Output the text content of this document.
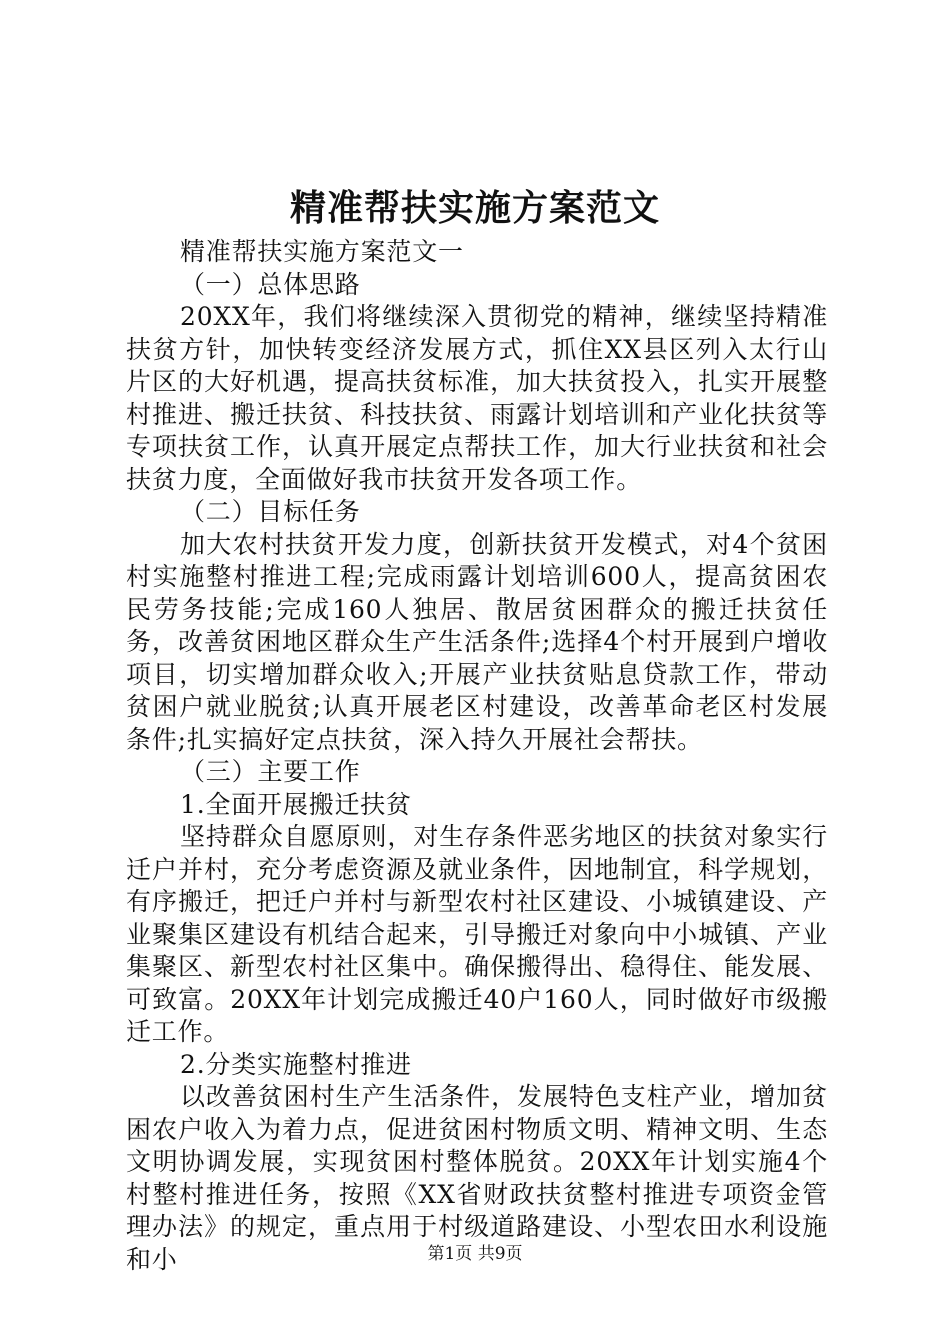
精准帮扶实施方案范文

精准帮扶实施方案范文一

（一）总体思路

20XX年，我们将继续深入贯彻党的精神，继续坚持精准扶贫方针，加快转变经济发展方式，抓住XX县区列入太行山片区的大好机遇，提高扶贫标准，加大扶贫投入，扎实开展整村推进、搬迁扶贫、科技扶贫、雨露计划培训和产业化扶贫等专项扶贫工作，认真开展定点帮扶工作，加大行业扶贫和社会扶贫力度，全面做好我市扶贫开发各项工作。

（二）目标任务

加大农村扶贫开发力度，创新扶贫开发模式，对4个贫困村实施整村推进工程;完成雨露计划培训600人，提高贫困农民劳务技能;完成160人独居、散居贫困群众的搬迁扶贫任务，改善贫困地区群众生产生活条件;选择4个村开展到户增收项目，切实增加群众收入;开展产业扶贫贴息贷款工作，带动贫困户就业脱贫;认真开展老区村建设，改善革命老区村发展条件;扎实搞好定点扶贫，深入持久开展社会帮扶。

（三）主要工作

1.全面开展搬迁扶贫

坚持群众自愿原则，对生存条件恶劣地区的扶贫对象实行迁户并村，充分考虑资源及就业条件，因地制宜，科学规划，有序搬迁，把迁户并村与新型农村社区建设、小城镇建设、产业聚集区建设有机结合起来，引导搬迁对象向中小城镇、产业集聚区、新型农村社区集中。确保搬得出、稳得住、能发展、可致富。20XX年计划完成搬迁40户160人，同时做好市级搬迁工作。

2.分类实施整村推进

以改善贫困村生产生活条件，发展特色支柱产业，增加贫困农户收入为着力点，促进贫困村物质文明、精神文明、生态文明协调发展，实现贫困村整体脱贫。20XX年计划实施4个村整村推进任务，按照《XX省财政扶贫整村推进专项资金管理办法》的规定，重点用于村级道路建设、小型农田水利设施和小	第1页 共9页
